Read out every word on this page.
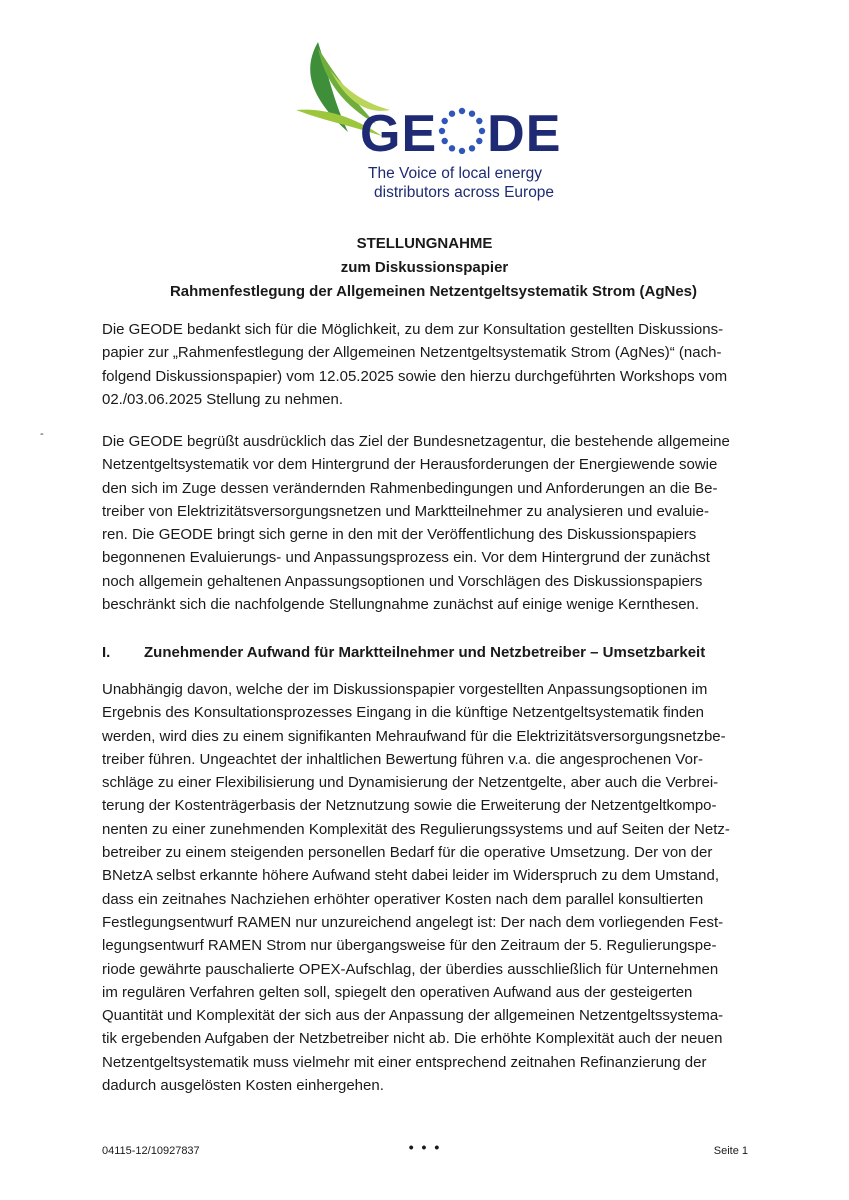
GE DE
The Voice of local energy
distributors across Europe
STELLUNGNAHME
zum Diskussionspapier
Rahmenfestlegung der Allgemeinen Netzentgeltsystematik Strom (AgNes)
-
Die GEODE bedankt sich für die Möglichkeit, zu dem zur Konsultation gestellten Diskussions-
papier zur „Rahmenfestlegung der Allgemeinen Netzentgeltsystematik Strom (AgNes)“ (nach-
folgend Diskussionspapier) vom 12.05.2025 sowie den hierzu durchgeführten Workshops vom
02./03.06.2025 Stellung zu nehmen.
Die GEODE begrüßt ausdrücklich das Ziel der Bundesnetzagentur, die bestehende allgemeine
Netzentgeltsystematik vor dem Hintergrund der Herausforderungen der Energiewende sowie
den sich im Zuge dessen verändernden Rahmenbedingungen und Anforderungen an die Be-
treiber von Elektrizitätsversorgungsnetzen und Marktteilnehmer zu analysieren und evaluie-
ren. Die GEODE bringt sich gerne in den mit der Veröffentlichung des Diskussionspapiers
begonnenen Evaluierungs- und Anpassungsprozess ein. Vor dem Hintergrund der zunächst
noch allgemein gehaltenen Anpassungsoptionen und Vorschlägen des Diskussionspapiers
beschränkt sich die nachfolgende Stellungnahme zunächst auf einige wenige Kernthesen.
I. Zunehmender Aufwand für Marktteilnehmer und Netzbetreiber – Umsetzbarkeit
Unabhängig davon, welche der im Diskussionspapier vorgestellten Anpassungsoptionen im
Ergebnis des Konsultationsprozesses Eingang in die künftige Netzentgeltsystematik finden
werden, wird dies zu einem signifikanten Mehraufwand für die Elektrizitätsversorgungsnetzbe-
treiber führen. Ungeachtet der inhaltlichen Bewertung führen v.a. die angesprochenen Vor-
schläge zu einer Flexibilisierung und Dynamisierung der Netzentgelte, aber auch die Verbrei-
terung der Kostenträgerbasis der Netznutzung sowie die Erweiterung der Netzentgeltkompo-
nenten zu einer zunehmenden Komplexität des Regulierungssystems und auf Seiten der Netz-
betreiber zu einem steigenden personellen Bedarf für die operative Umsetzung. Der von der
BNetzA selbst erkannte höhere Aufwand steht dabei leider im Widerspruch zu dem Umstand,
dass ein zeitnahes Nachziehen erhöhter operativer Kosten nach dem parallel konsultierten
Festlegungsentwurf RAMEN nur unzureichend angelegt ist: Der nach dem vorliegenden Fest-
legungsentwurf RAMEN Strom nur übergangsweise für den Zeitraum der 5. Regulierungspe-
riode gewährte pauschalierte OPEX-Aufschlag, der überdies ausschließlich für Unternehmen
im regulären Verfahren gelten soll, spiegelt den operativen Aufwand aus der gesteigerten
Quantität und Komplexität der sich aus der Anpassung der allgemeinen Netzentgeltssystema-
tik ergebenden Aufgaben der Netzbetreiber nicht ab. Die erhöhte Komplexität auch der neuen
Netzentgeltsystematik muss vielmehr mit einer entsprechend zeitnahen Refinanzierung der
dadurch ausgelösten Kosten einhergehen.
04115-12/10927837	• • •	Seite 1
